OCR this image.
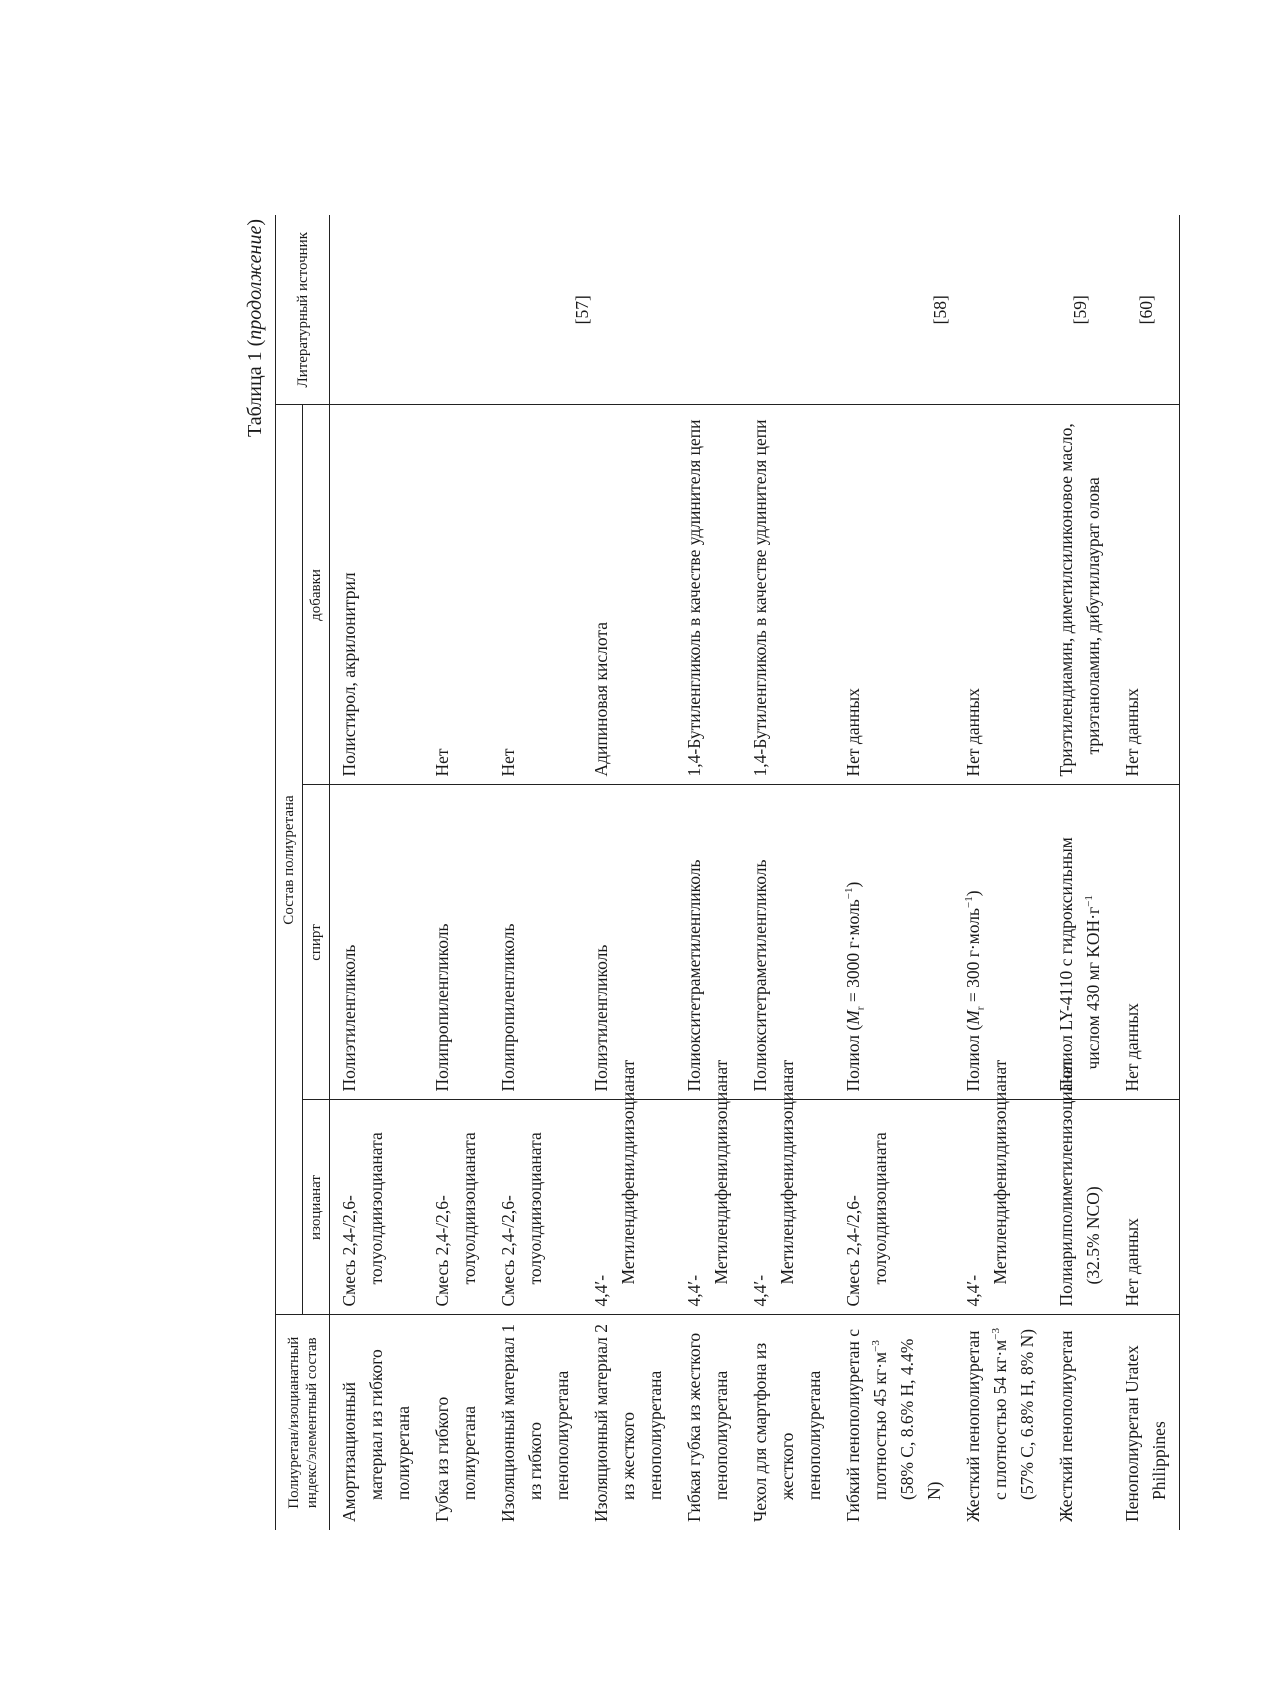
Таблица 1 (продолжение)
Полиуретан/изоцианатный индекс/элементный состав	Состав полиуретана			Литературный источник
	изоцианат	спирт	добавки	
Амортизационный материал из гибкого полиуретана	Смесь 2,4-/2,6-толуолдиизоцианата	Полиэтиленгликоль	Полистирол, акрилонитрил	[57]
Губка из гибкого полиуретана	Смесь 2,4-/2,6-толуолдиизоцианата	Полипропиленгликоль	Нет	
Изоляционный материал 1 из гибкого пенополиуретана	Смесь 2,4-/2,6-толуолдиизоцианата	Полипропиленгликоль	Нет	
Изоляционный материал 2 из жесткого пенополиуретана	4,4′-Метилендифенилдиизоцианат	Полиэтиленгликоль	Адипиновая кислота	
Гибкая губка из жесткого пенополиуретана	4,4′-Метилендифенилдиизоцианат	Полиокситетраметиленгликоль	1,4-Бутиленгликоль в качестве удлинителя цепи	
Чехол для смартфона из жесткого пенополиуретана	4,4′-Метилендифенилдиизоцианат	Полиокситетраметиленгликоль	1,4-Бутиленгликоль в качестве удлинителя цепи	
Гибкий пенополиуретан с плотностью 45 $кг\cdot м^{-3}$ (58% C, 8.6% H, 4.4% N)	Смесь 2,4-/2,6-толуолдиизоцианата	Полиол ($M_r = 3000$ г·моль$^{-1}$)	Нет данных	[58]
Жесткий пенополиуретан с плотностью 54 $кг\cdot м^{-3}$ (57% C, 6.8% H, 8% N)	4,4′-Метилендифенилдиизоцианат	Полиол ($M_r = 300$ г·моль$^{-1}$)	Нет данных	
Жесткий пенополиуретан	Полиарилполиметиленизоцианат (32.5% NCO)	Полиол LY-4110 с гидроксильным числом 430 мг $KOH\cdot г^{-1}$	Триэтилендиамин, диметилсиликоновое масло, триэтаноламин, дибутиллаурат олова	[59]
Пенополиуретан Uratex Philippines	Нет данных	Нет данных	Нет данных	[60]
